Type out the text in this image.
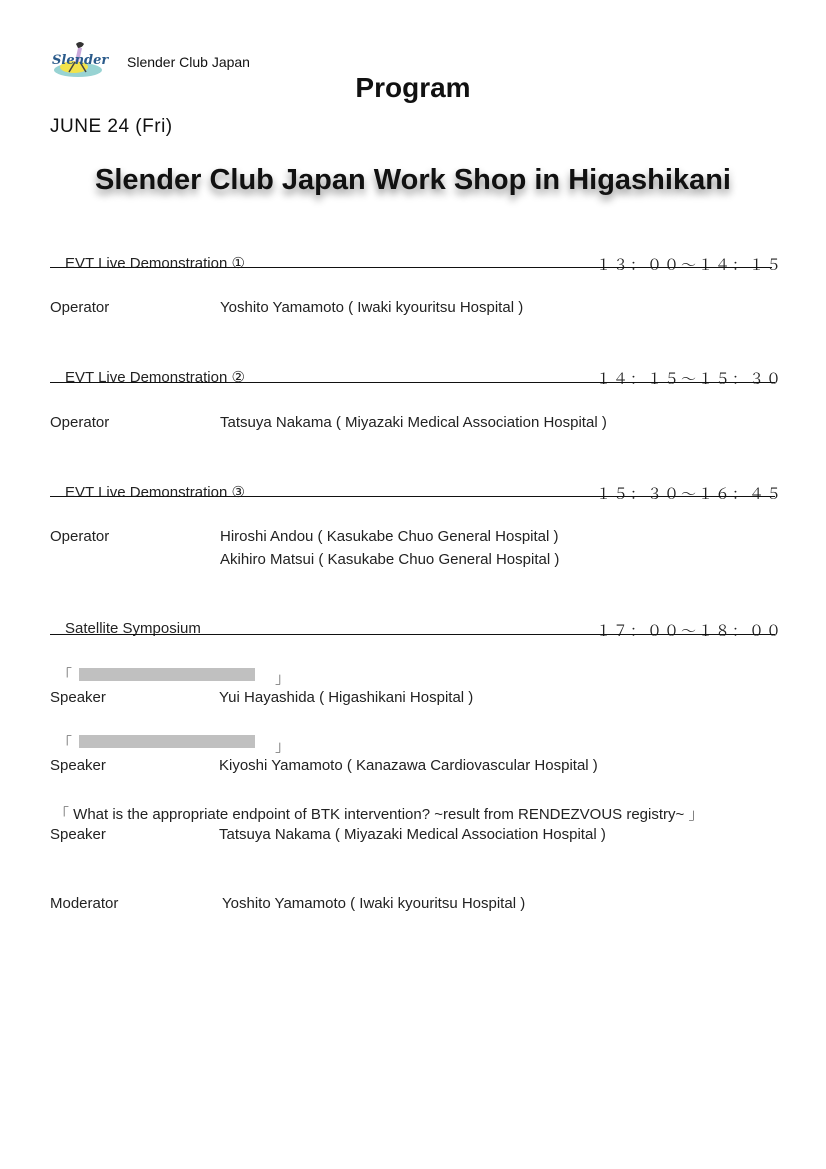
Slender Slender Club Japan
Program
JUNE 24 (Fri)
Slender Club Japan Work Shop in Higashikani
EVT Live Demonstration ①	１３：００～１４：１５
Operator	Yoshito Yamamoto ( Iwaki kyouritsu Hospital )
EVT Live Demonstration ②	１４：１５～１５：３０
Operator	Tatsuya Nakama ( Miyazaki Medical Association Hospital )
EVT Live Demonstration ③	１５：３０～１６：４５
Operator	Hiroshi Andou ( Kasukabe Chuo General Hospital )
Akihiro Matsui ( Kasukabe Chuo General Hospital )
Satellite Symposium	１７：００～１８：００
「	」
Speaker	Yui Hayashida ( Higashikani Hospital )
「	」
Speaker	Kiyoshi Yamamoto ( Kanazawa Cardiovascular Hospital )
「 What is the appropriate endpoint of BTK intervention? ~result from RENDEZVOUS registry~ 」
Speaker	Tatsuya Nakama ( Miyazaki Medical Association Hospital )
Moderator	Yoshito Yamamoto ( Iwaki kyouritsu Hospital )
